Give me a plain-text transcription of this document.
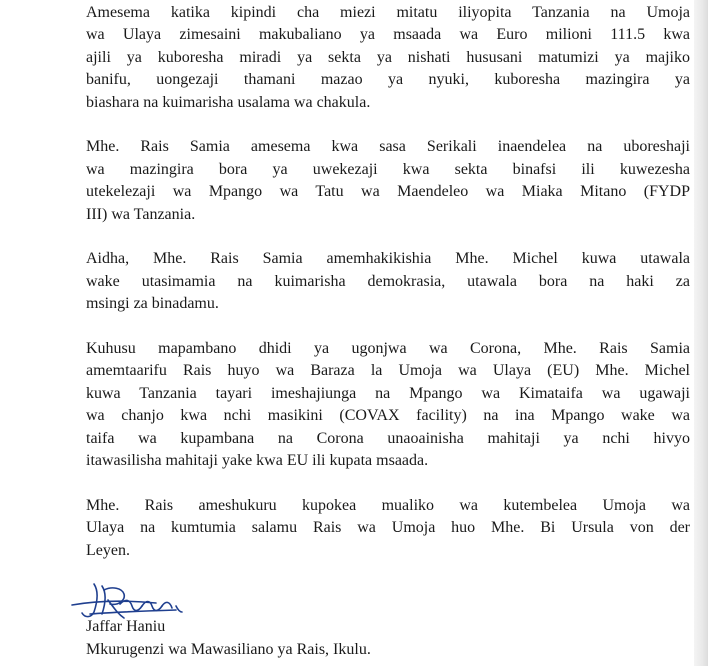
Amesema katika kipindi cha miezi mitatu iliyopita Tanzania na Umoja
wa Ulaya zimesaini makubaliano ya msaada wa Euro milioni 111.5 kwa
ajili ya kuboresha miradi ya sekta ya nishati hususani matumizi ya majiko
banifu, uongezaji thamani mazao ya nyuki, kuboresha mazingira ya
biashara na kuimarisha usalama wa chakula.

Mhe. Rais Samia amesema kwa sasa Serikali inaendelea na uboreshaji
wa mazingira bora ya uwekezaji kwa sekta binafsi ili kuwezesha
utekelezaji wa Mpango wa Tatu wa Maendeleo wa Miaka Mitano (FYDP
III) wa Tanzania.

Aidha, Mhe. Rais Samia amemhakikishia Mhe. Michel kuwa utawala
wake utasimamia na kuimarisha demokrasia, utawala bora na haki za
msingi za binadamu.

Kuhusu mapambano dhidi ya ugonjwa wa Corona, Mhe. Rais Samia
amemtaarifu Rais huyo wa Baraza la Umoja wa Ulaya (EU) Mhe. Michel
kuwa Tanzania tayari imeshajiunga na Mpango wa Kimataifa wa ugawaji
wa chanjo kwa nchi masikini (COVAX facility) na ina Mpango wake wa
taifa wa kupambana na Corona unaoainisha mahitaji ya nchi hivyo
itawasilisha mahitaji yake kwa EU ili kupata msaada.

Mhe. Rais ameshukuru kupokea mualiko wa kutembelea Umoja wa
Ulaya na kumtumia salamu Rais wa Umoja huo Mhe. Bi Ursula von der
Leyen.

Jaffar Haniu
Mkurugenzi wa Mawasiliano ya Rais, Ikulu.
